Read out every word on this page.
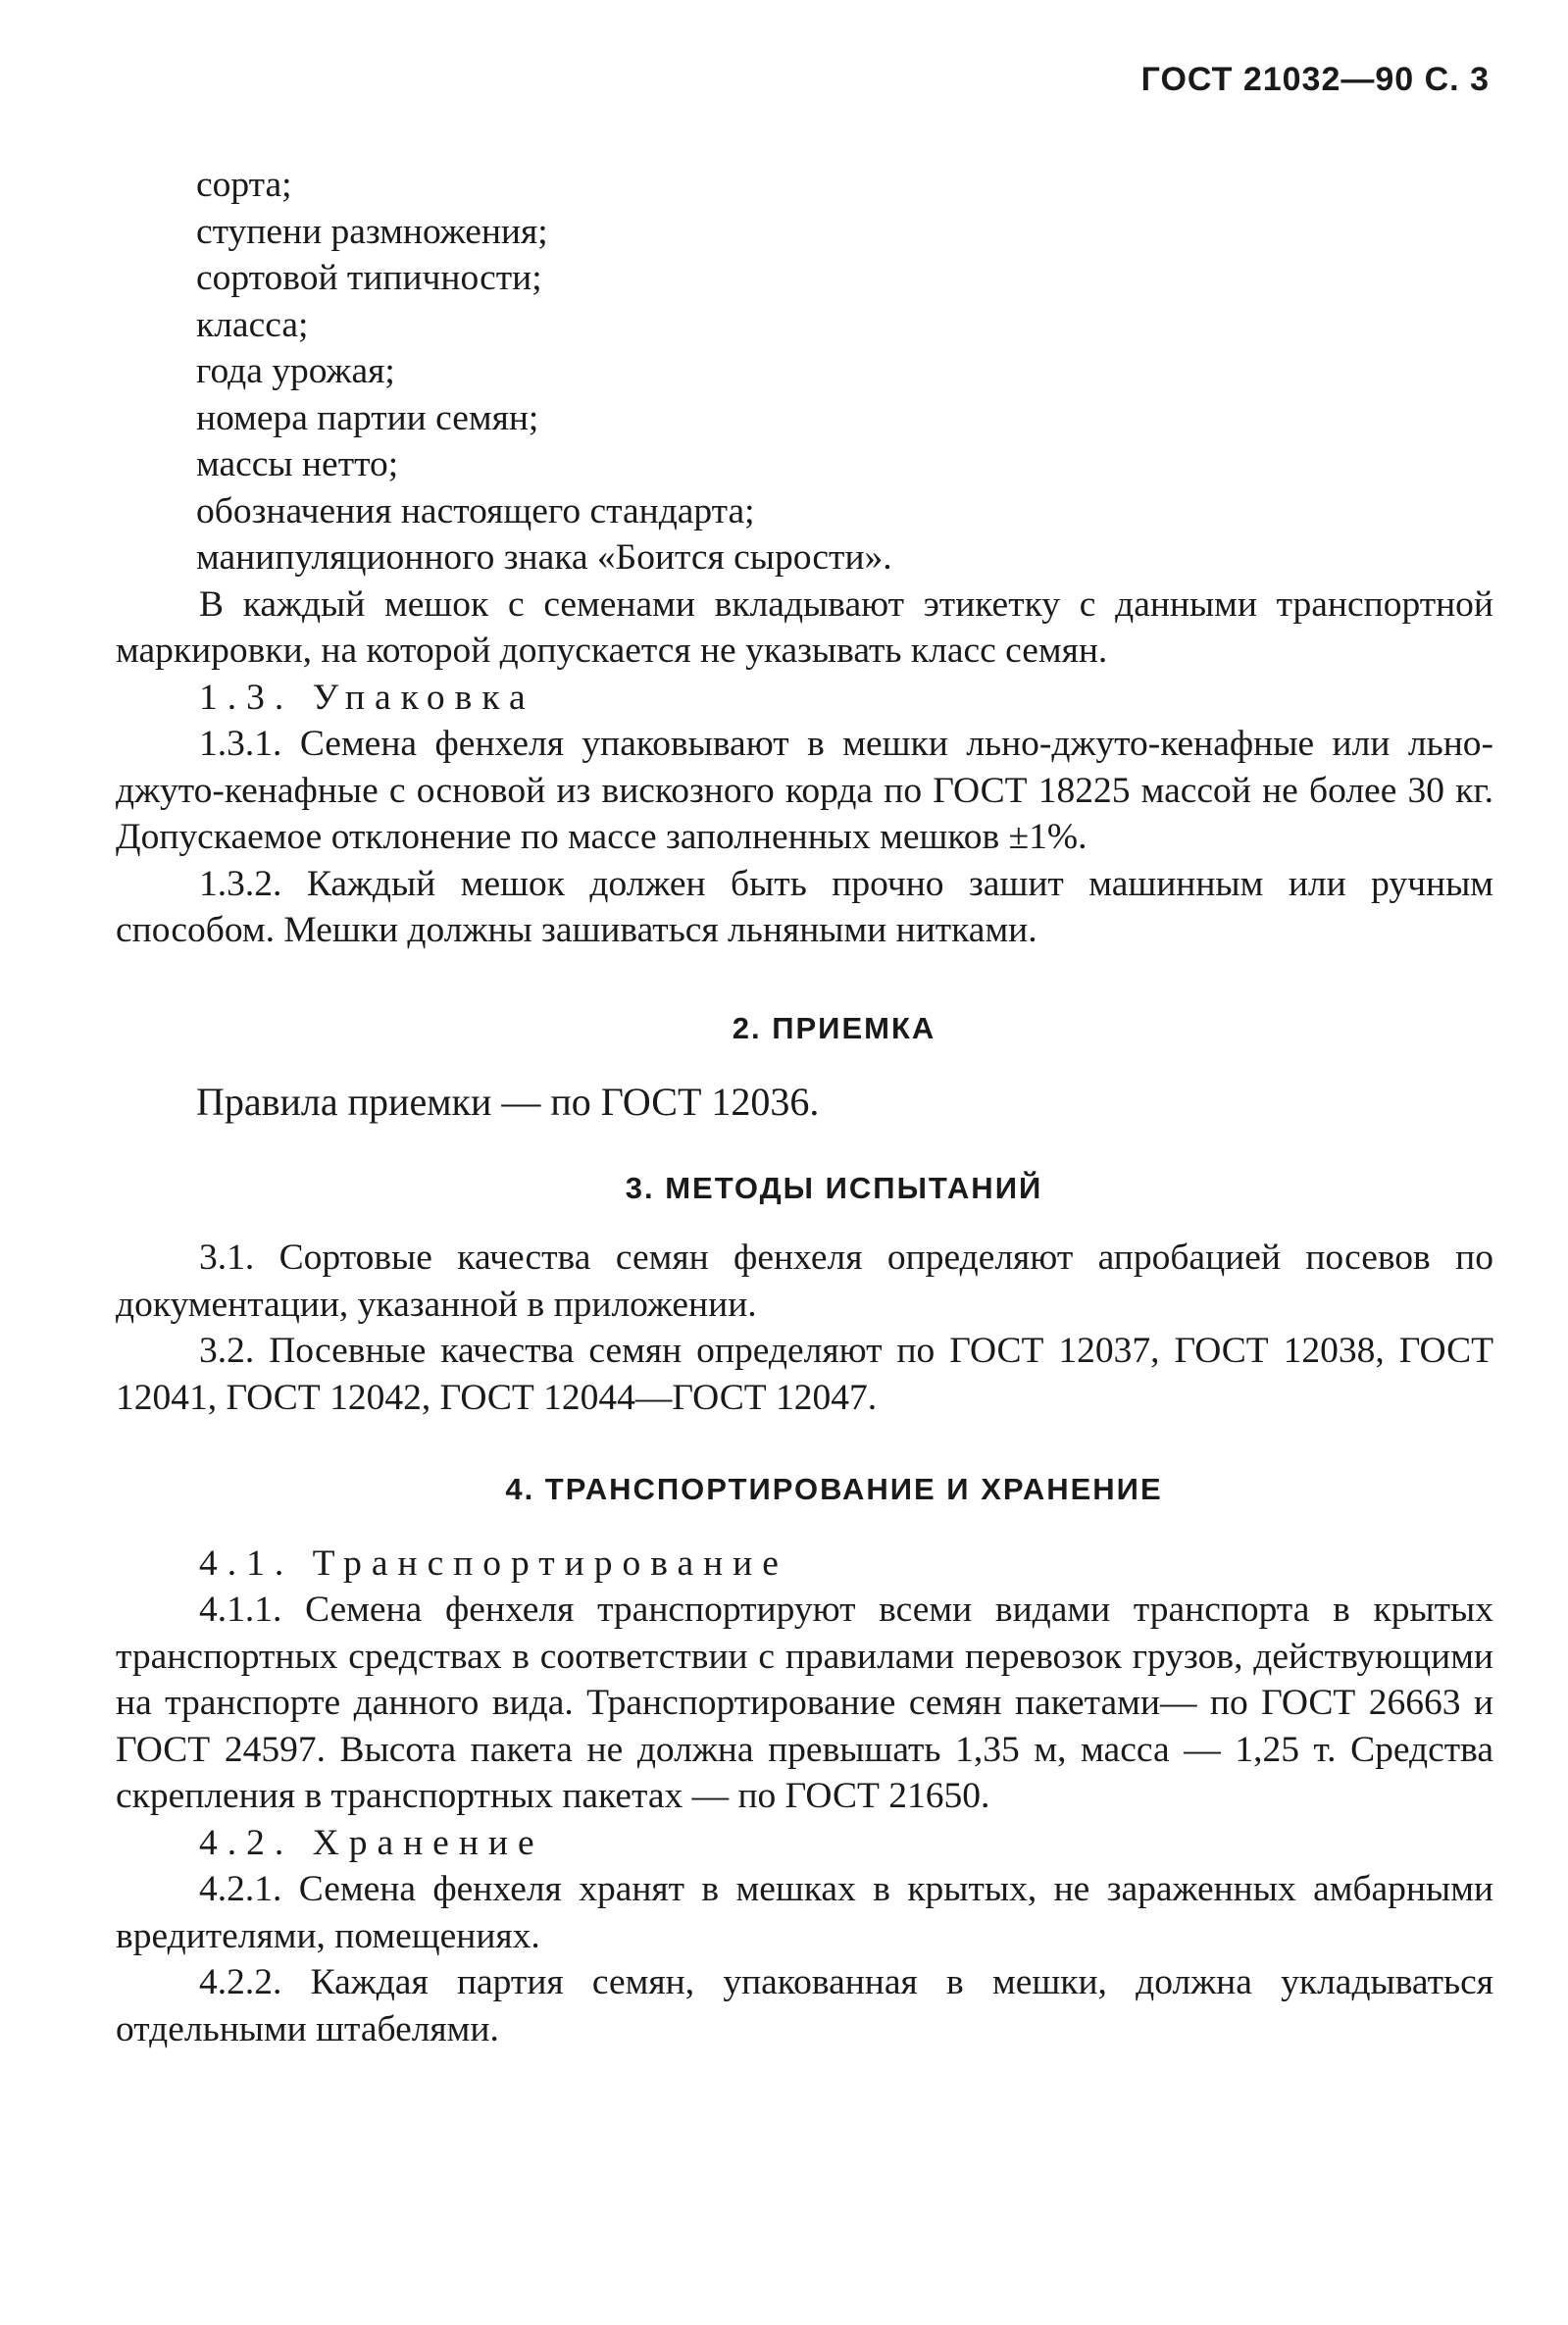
ГОСТ 21032—90 С. 3

сорта;

ступени размножения;

сортовой типичности;

класса;

года урожая;

номера партии семян;

массы нетто;

обозначения настоящего стандарта;

манипуляционного знака «Боится сырости».

В каждый мешок с семенами вкладывают этикетку с данными транспортной маркировки, на которой допускается не указывать класс семян.

1.3. Упаковка

1.3.1. Семена фенхеля упаковывают в мешки льно-джуто-кенафные или льно-джуто-кенафные с основой из вискозного корда по ГОСТ 18225 массой не более 30 кг. Допускаемое отклонение по массе заполненных мешков ±1%.

1.3.2. Каждый мешок должен быть прочно зашит машинным или ручным способом. Мешки должны зашиваться льняными нитками.

2. ПРИЕМКА

Правила приемки — по ГОСТ 12036.

3. МЕТОДЫ ИСПЫТАНИЙ

3.1. Сортовые качества семян фенхеля определяют апробацией посевов по документации, указанной в приложении.

3.2. Посевные качества семян определяют по ГОСТ 12037, ГОСТ 12038, ГОСТ 12041, ГОСТ 12042, ГОСТ 12044—ГОСТ 12047.

4. ТРАНСПОРТИРОВАНИЕ И ХРАНЕНИЕ

4.1. Транспортирование

4.1.1. Семена фенхеля транспортируют всеми видами транспорта в крытых транспортных средствах в соответствии с правилами перевозок грузов, действующими на транспорте данного вида. Транспортирование семян пакетами— по ГОСТ 26663 и ГОСТ 24597. Высота пакета не должна превышать 1,35 м, масса — 1,25 т. Средства скрепления в транспортных пакетах — по ГОСТ 21650.

4.2. Хранение

4.2.1. Семена фенхеля хранят в мешках в крытых, не зараженных амбарными вредителями, помещениях.

4.2.2. Каждая партия семян, упакованная в мешки, должна укладываться отдельными штабелями.
